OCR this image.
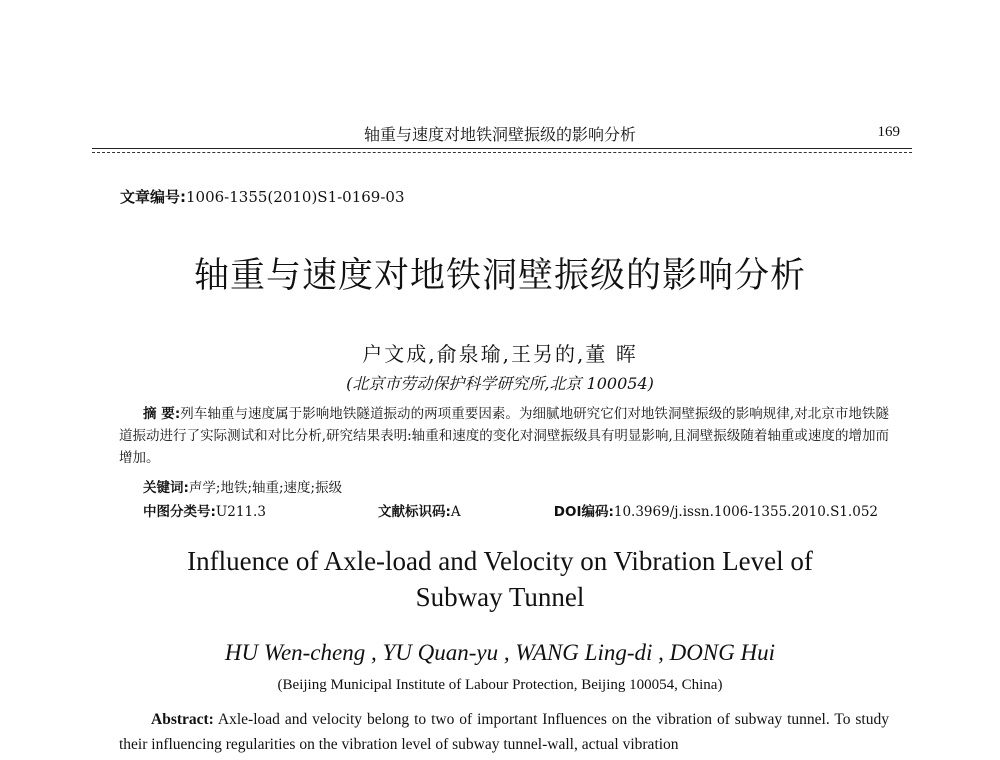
轴重与速度对地铁洞壁振级的影响分析	169
文章编号:1006-1355(2010)S1-0169-03
轴重与速度对地铁洞壁振级的影响分析
户文成,俞泉瑜,王另的,董 晖
(北京市劳动保护科学研究所,北京 100054)
摘 要:列车轴重与速度属于影响地铁隧道振动的两项重要因素。为细腻地研究它们对地铁洞壁振级的影响规律,对北京市地铁隧道振动进行了实际测试和对比分析,研究结果表明:轴重和速度的变化对洞壁振级具有明显影响,且洞壁振级随着轴重或速度的增加而增加。
关键词:声学;地铁;轴重;速度;振级
中图分类号:U211.3	文献标识码:A	DOI编码:10.3969/j.issn.1006-1355.2010.S1.052
Influence of Axle-load and Velocity on Vibration Level of
Subway Tunnel
HU Wen-cheng , YU Quan-yu , WANG Ling-di , DONG Hui
(Beijing Municipal Institute of Labour Protection, Beijing 100054, China)
Abstract: Axle-load and velocity belong to two of important Influences on the vibration of subway tunnel. To study their influencing regularities on the vibration level of subway tunnel-wall, actual vibration
